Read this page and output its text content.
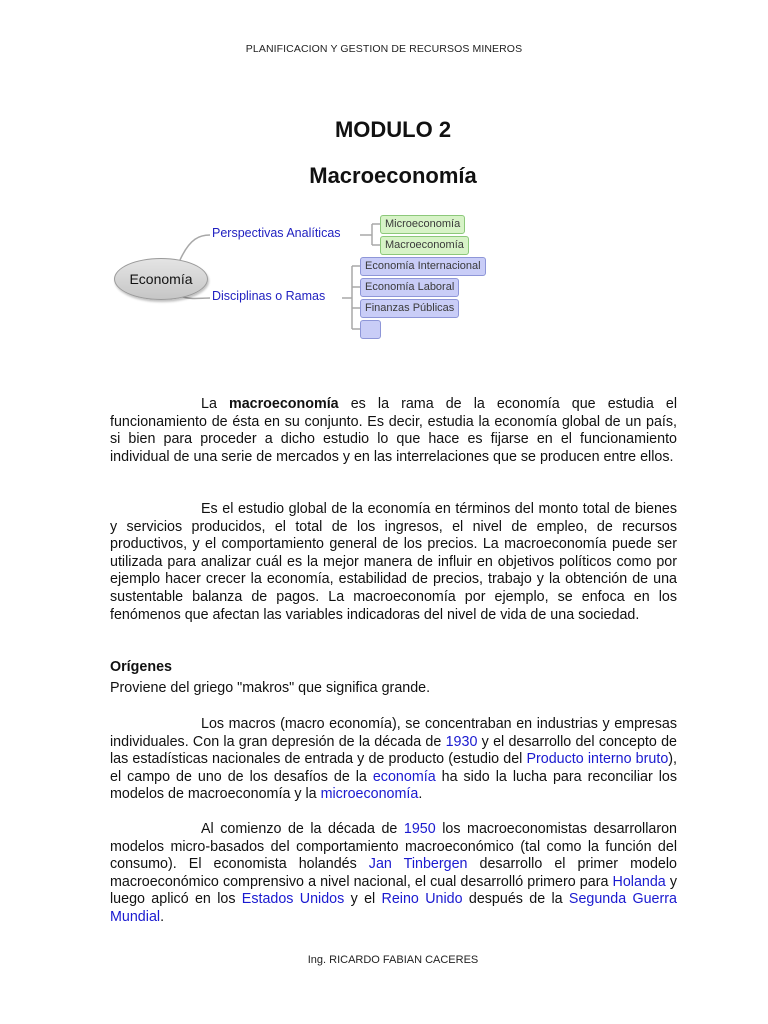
PLANIFICACION Y GESTION DE RECURSOS MINEROS
MODULO 2
Macroeconomía
Economía
Perspectivas Analíticas
Disciplinas o Ramas
Microeconomía
Macroeconomía
Economía Internacional
Economía Laboral
Finanzas Públicas

La macroeconomía es la rama de la economía que estudia el funcionamiento de ésta en su conjunto. Es decir, estudia la economía global de un país, si bien para proceder a dicho estudio lo que hace es fijarse en el funcionamiento individual de una serie de mercados y en las interrelaciones que se producen entre ellos.

Es el estudio global de la economía en términos del monto total de bienes y servicios producidos, el total de los ingresos, el nivel de empleo, de recursos productivos, y el comportamiento general de los precios. La macroeconomía puede ser utilizada para analizar cuál es la mejor manera de influir en objetivos políticos como por ejemplo hacer crecer la economía, estabilidad de precios, trabajo y la obtención de una sustentable balanza de pagos. La macroeconomía por ejemplo, se enfoca en los fenómenos que afectan las variables indicadoras del nivel de vida de una sociedad.

Orígenes

Proviene del griego "makros" que significa grande.

Los macros (macro economía), se concentraban en industrias y empresas individuales. Con la gran depresión de la década de 1930 y el desarrollo del concepto de las estadísticas nacionales de entrada y de producto (estudio del Producto interno bruto), el campo de uno de los desafíos de la economía ha sido la lucha para reconciliar los modelos de macroeconomía y la microeconomía.

Al comienzo de la década de 1950 los macroeconomistas desarrollaron modelos micro-basados del comportamiento macroeconómico (tal como la función del consumo). El economista holandés Jan Tinbergen desarrollo el primer modelo macroeconómico comprensivo a nivel nacional, el cual desarrolló primero para Holanda y luego aplicó en los Estados Unidos y el Reino Unido después de la Segunda Guerra Mundial.

Ing. RICARDO FABIAN CACERES
